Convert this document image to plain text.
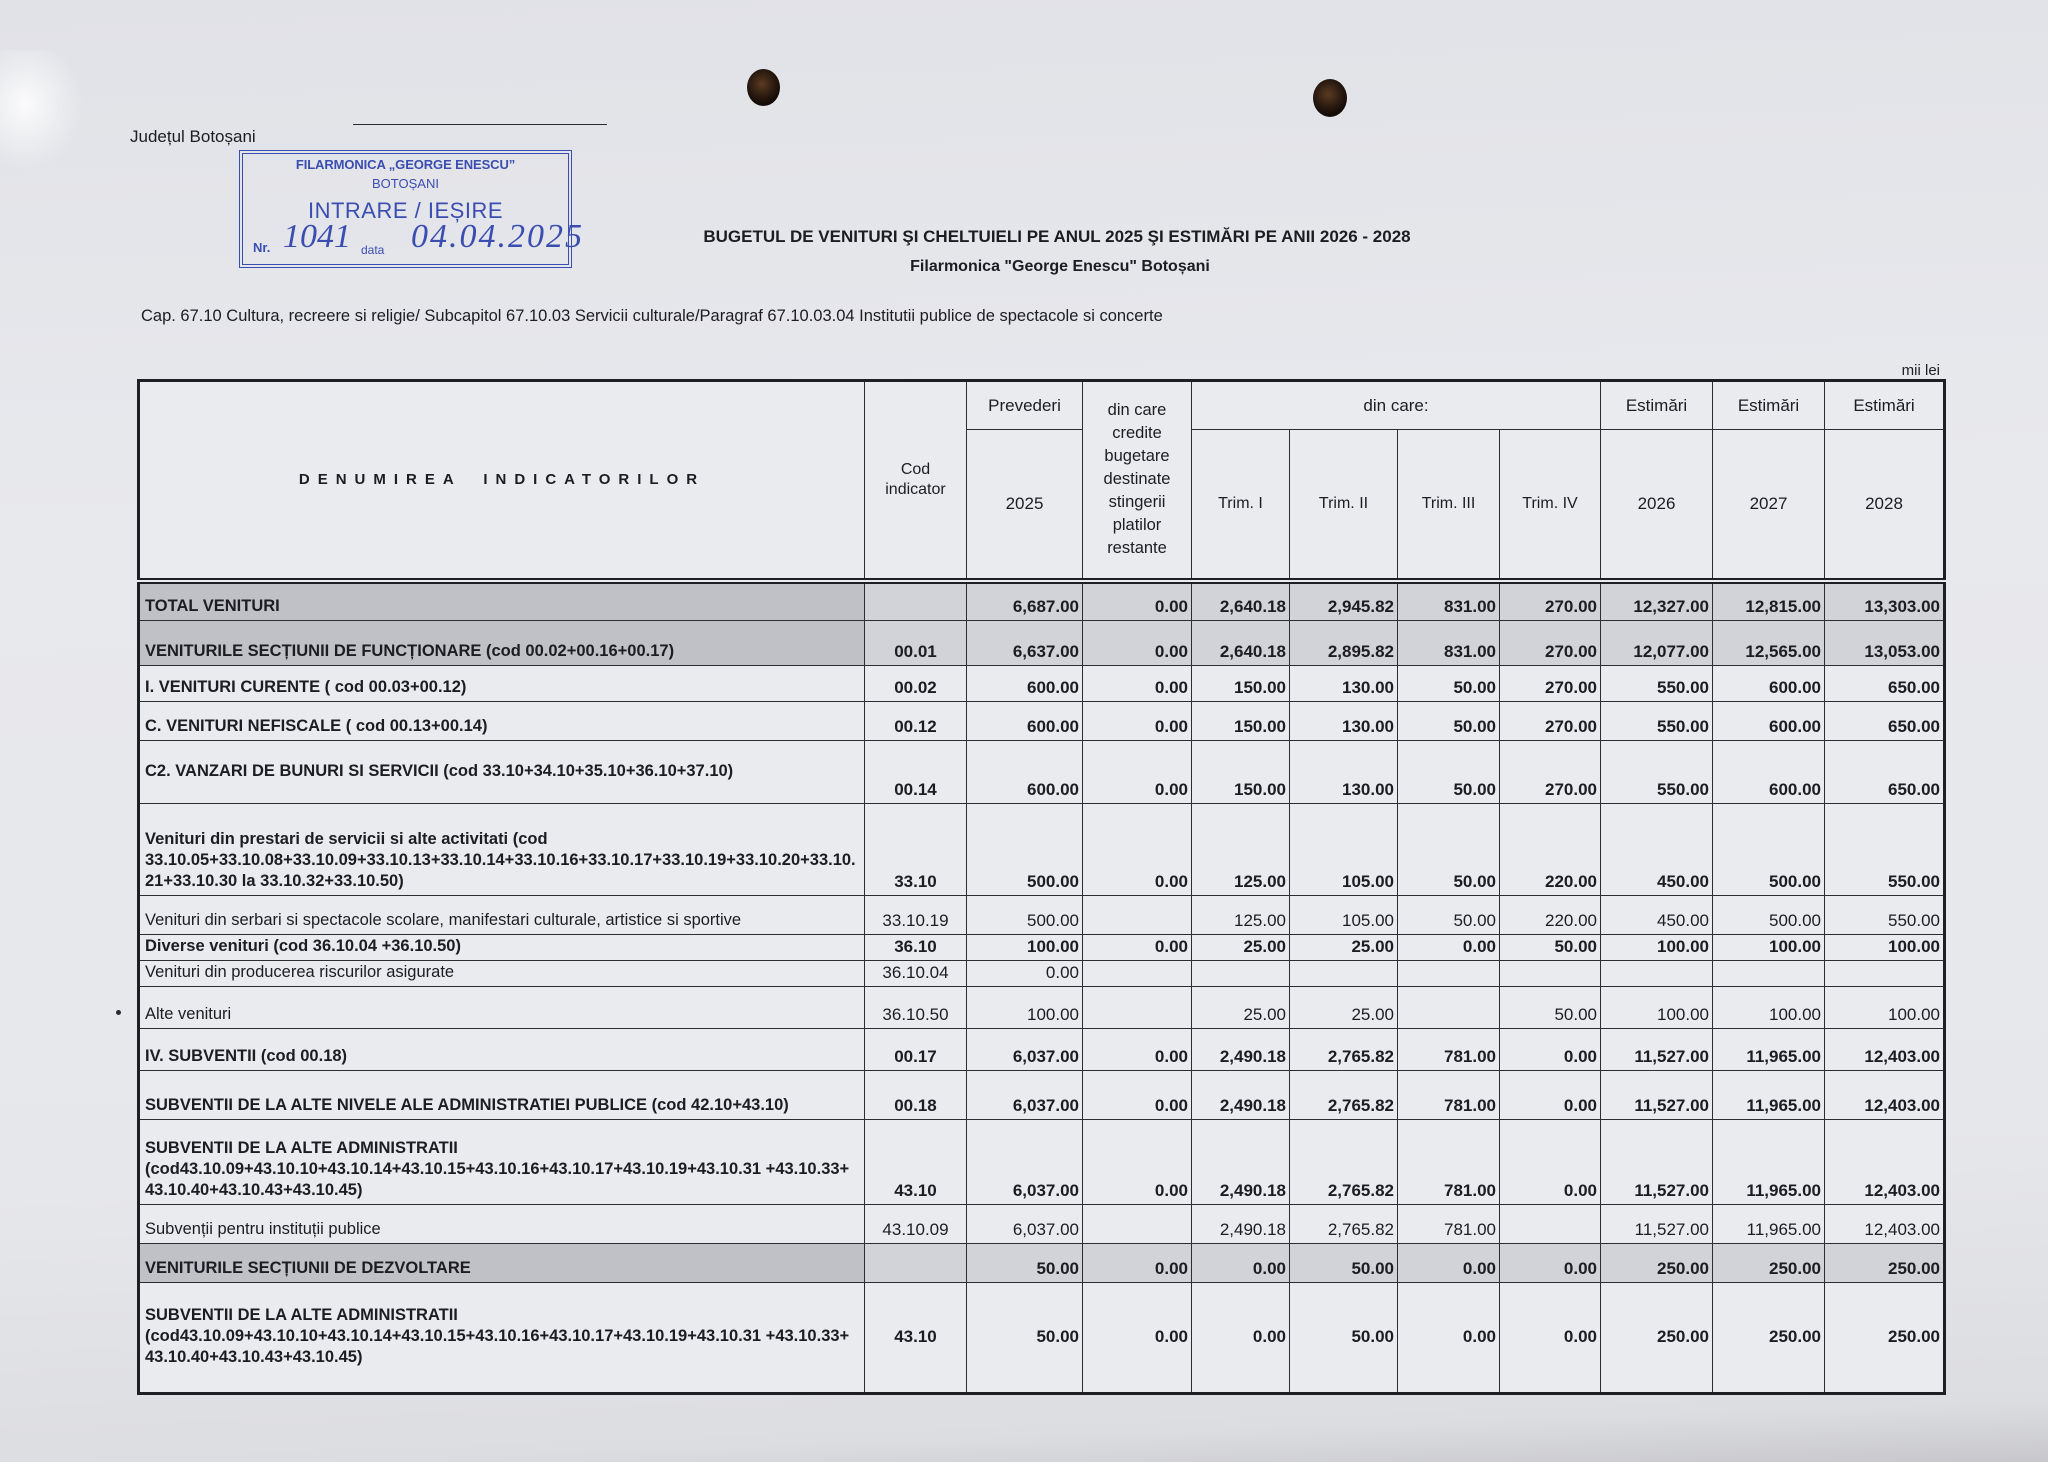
Județul Botoșani
FILARMONICA „GEORGE ENESCU”
BOTOȘANI
INTRARE / IEȘIRE
Nr. 1041 data 04.04.2025	BUGETUL DE VENITURI ŞI CHELTUIELI PE ANUL 2025 ŞI ESTIMĂRI PE ANII 2026 - 2028
Filarmonica "George Enescu" Botoșani
Cap. 67.10 Cultura, recreere si religie/ Subcapitol 67.10.03 Servicii culturale/Paragraf 67.10.03.04 Institutii publice de spectacole si concerte
mii lei
DENUMIREA INDICATORILOR	Cod indicator	Prevederi	din care credite bugetare destinate stingerii platilor restante	din care:				Estimări	Estimări	Estimări
		2025		Trim. I	Trim. II	Trim. III	Trim. IV	2026	2027	2028
TOTAL VENITURI		6,687.00	0.00	2,640.18	2,945.82	831.00	270.00	12,327.00	12,815.00	13,303.00
VENITURILE SECȚIUNII DE FUNCȚIONARE (cod 00.02+00.16+00.17)	00.01	6,637.00	0.00	2,640.18	2,895.82	831.00	270.00	12,077.00	12,565.00	13,053.00
I. VENITURI CURENTE ( cod 00.03+00.12)	00.02	600.00	0.00	150.00	130.00	50.00	270.00	550.00	600.00	650.00
C. VENITURI NEFISCALE ( cod 00.13+00.14)	00.12	600.00	0.00	150.00	130.00	50.00	270.00	550.00	600.00	650.00
C2. VANZARI DE BUNURI SI SERVICII (cod 33.10+34.10+35.10+36.10+37.10)	00.14	600.00	0.00	150.00	130.00	50.00	270.00	550.00	600.00	650.00
Venituri din prestari de servicii si alte activitati (cod 33.10.05+33.10.08+33.10.09+33.10.13+33.10.14+33.10.16+33.10.17+33.10.19+33.10.20+33.10.21+33.10.30 la 33.10.32+33.10.50)	33.10	500.00	0.00	125.00	105.00	50.00	220.00	450.00	500.00	550.00
Venituri din serbari si spectacole scolare, manifestari culturale, artistice si sportive	33.10.19	500.00		125.00	105.00	50.00	220.00	450.00	500.00	550.00
Diverse venituri (cod 36.10.04 +36.10.50)	36.10	100.00	0.00	25.00	25.00	0.00	50.00	100.00	100.00	100.00
Venituri din producerea riscurilor asigurate	36.10.04	0.00								
Alte venituri	36.10.50	100.00		25.00	25.00		50.00	100.00	100.00	100.00
IV. SUBVENTII (cod 00.18)	00.17	6,037.00	0.00	2,490.18	2,765.82	781.00	0.00	11,527.00	11,965.00	12,403.00
SUBVENTII DE LA ALTE NIVELE ALE ADMINISTRATIEI PUBLICE (cod 42.10+43.10)	00.18	6,037.00	0.00	2,490.18	2,765.82	781.00	0.00	11,527.00	11,965.00	12,403.00
SUBVENTII DE LA ALTE ADMINISTRATII (cod43.10.09+43.10.10+43.10.14+43.10.15+43.10.16+43.10.17+43.10.19+43.10.31 +43.10.33+ 43.10.40+43.10.43+43.10.45)	43.10	6,037.00	0.00	2,490.18	2,765.82	781.00	0.00	11,527.00	11,965.00	12,403.00
Subvenții pentru instituții publice	43.10.09	6,037.00		2,490.18	2,765.82	781.00		11,527.00	11,965.00	12,403.00
VENITURILE SECȚIUNII DE DEZVOLTARE		50.00	0.00	0.00	50.00	0.00	0.00	250.00	250.00	250.00
SUBVENTII DE LA ALTE ADMINISTRATII (cod43.10.09+43.10.10+43.10.14+43.10.15+43.10.16+43.10.17+43.10.19+43.10.31 +43.10.33+ 43.10.40+43.10.43+43.10.45)	43.10	50.00	0.00	0.00	50.00	0.00	0.00	250.00	250.00	250.00
